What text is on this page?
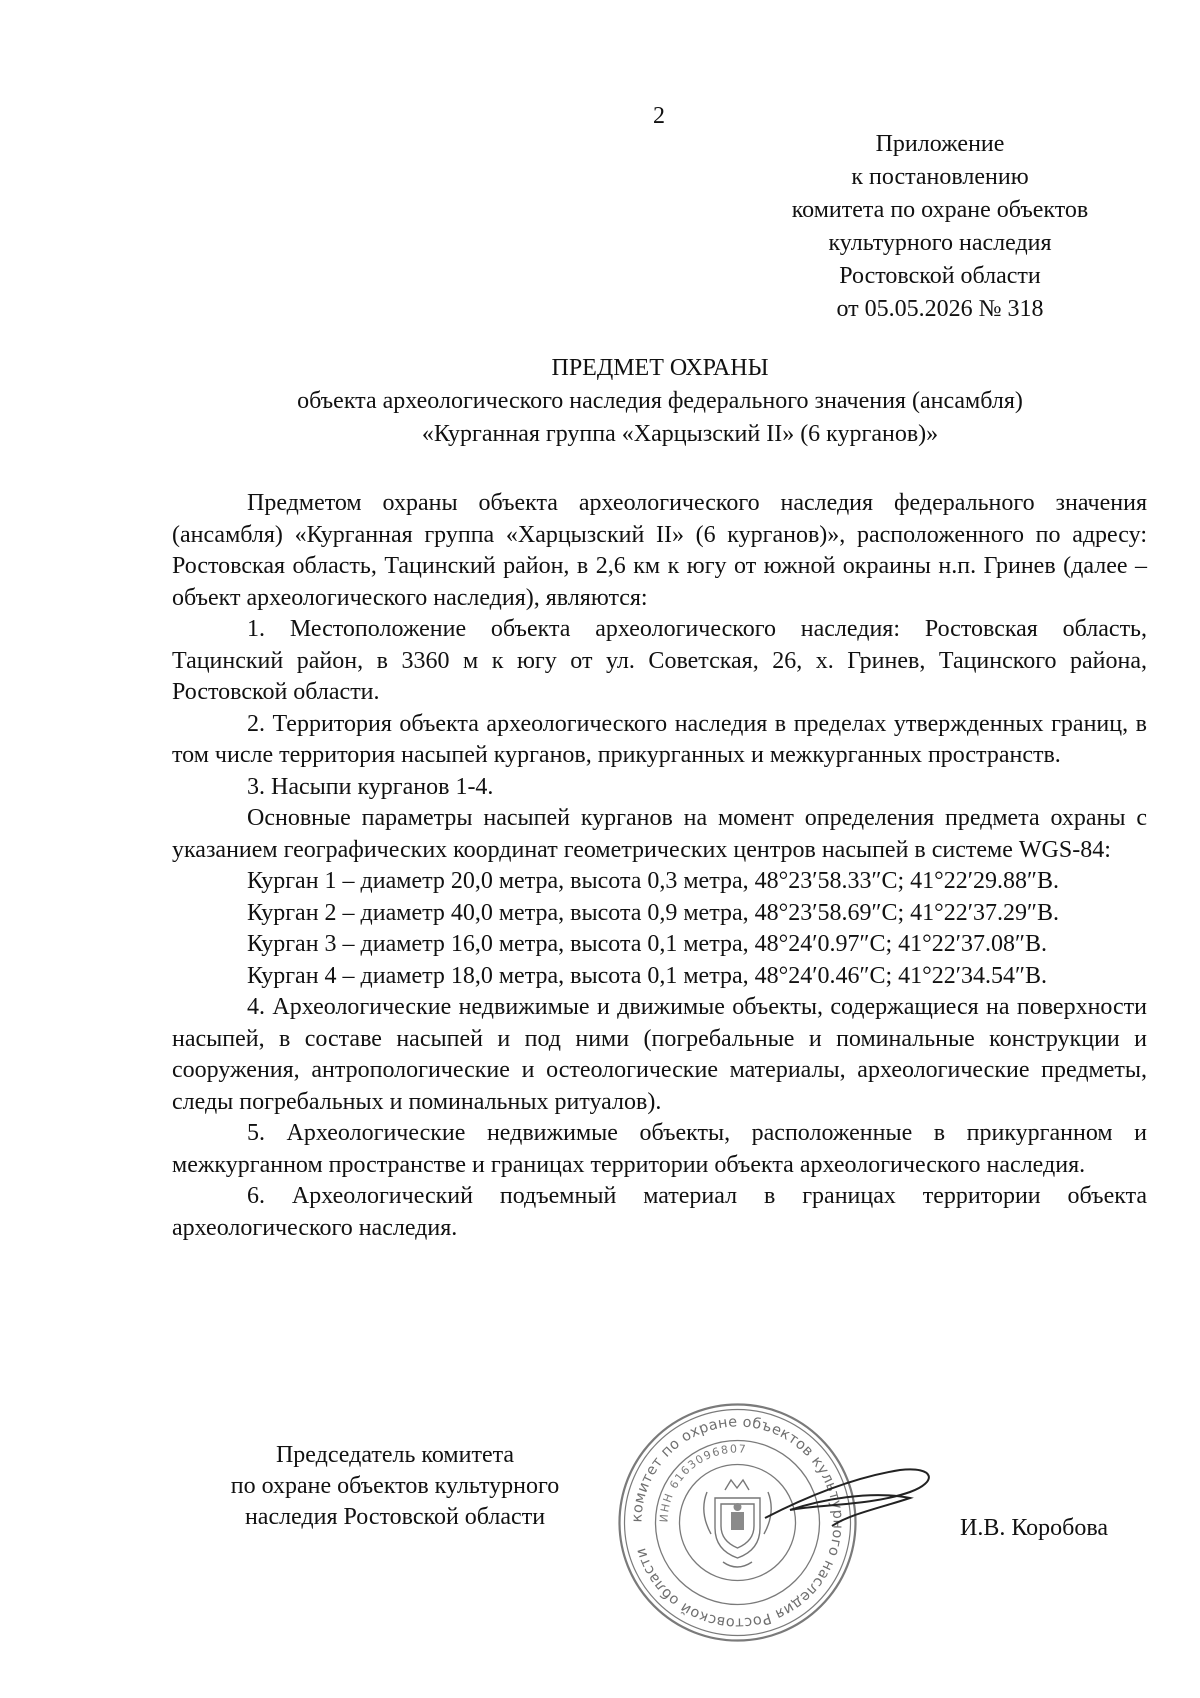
2
Приложение
к постановлению
комитета по охране объектов
культурного наследия
Ростовской области
от 05.05.2026 № 318
ПРЕДМЕТ ОХРАНЫ
объекта археологического наследия федерального значения (ансамбля)
«Курганная группа «Харцызский II» (6 курганов)»

Предметом охраны объекта археологического наследия федерального значения (ансамбля) «Курганная группа «Харцызский II» (6 курганов)», расположенного по адресу: Ростовская область, Тацинский район, в 2,6 км к югу от южной окраины н.п. Гринев (далее – объект археологического наследия), являются:

1. Местоположение объекта археологического наследия: Ростовская область, Тацинский район, в 3360 м к югу от ул. Советская, 26, х. Гринев, Тацинского района, Ростовской области.

2. Территория объекта археологического наследия в пределах утвержденных границ, в том числе территория насыпей курганов, прикурганных и межкурганных пространств.

3. Насыпи курганов 1-4.

Основные параметры насыпей курганов на момент определения предмета охраны с указанием географических координат геометрических центров насыпей в системе WGS-84:

Курган 1 – диаметр 20,0 метра, высота 0,3 метра, 48°23′58.33″С; 41°22′29.88″В.

Курган 2 – диаметр 40,0 метра, высота 0,9 метра, 48°23′58.69″С; 41°22′37.29″В.

Курган 3 – диаметр 16,0 метра, высота 0,1 метра, 48°24′0.97″С; 41°22′37.08″В.

Курган 4 – диаметр 18,0 метра, высота 0,1 метра, 48°24′0.46″С; 41°22′34.54″В.

4. Археологические недвижимые и движимые объекты, содержащиеся на поверхности насыпей, в составе насыпей и под ними (погребальные и поминальные конструкции и сооружения, антропологические и остеологические материалы, археологические предметы, следы погребальных и поминальных ритуалов).

5. Археологические недвижимые объекты, расположенные в прикурганном и межкурганном пространстве и границах территории объекта археологического наследия.

6. Археологический подъемный материал в границах территории объекта археологического наследия.

Председатель комитета
по охране объектов культурного
наследия Ростовской области	комитет по охране объектов культурного наследия Ростовской области
ИНН 6163096807
И.В. Коробова
